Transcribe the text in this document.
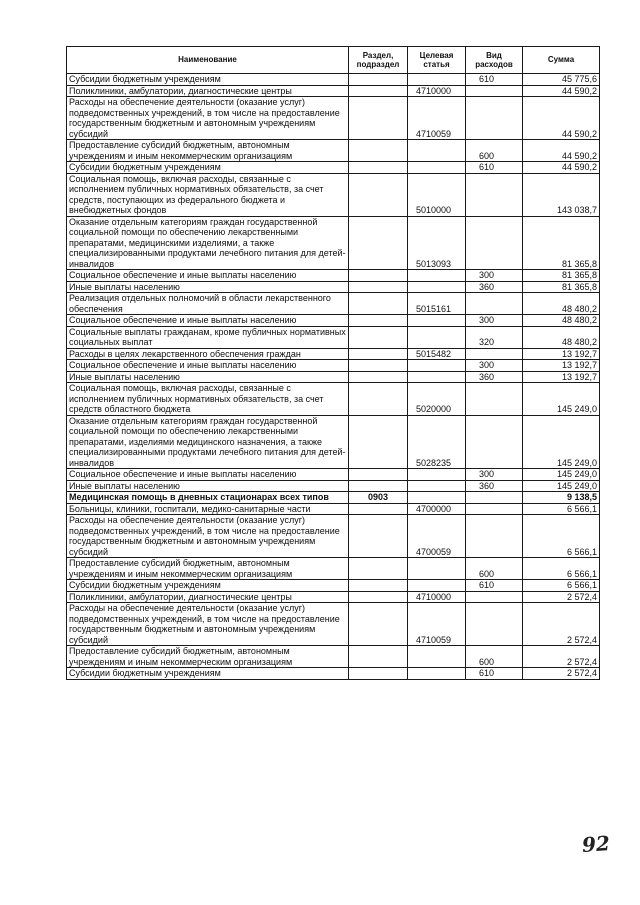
Наименование	Раздел, подраздел	Целевая статья	Вид расходов	Сумма
Субсидии бюджетным учреждениям			610	45 775,6
Поликлиники, амбулатории, диагностические центры		4710000		44 590,2
Расходы на обеспечение деятельности (оказание услуг) подведомственных учреждений, в том числе на предоставление государственным бюджетным и автономным учреждениям субсидий		4710059		44 590,2
Предоставление субсидий бюджетным, автономным учреждениям и иным некоммерческим организациям			600	44 590,2
Субсидии бюджетным учреждениям			610	44 590,2
Социальная помощь, включая расходы, связанные с исполнением публичных нормативных обязательств, за счет средств, поступающих из федерального бюджета и внебюджетных фондов		5010000		143 038,7
Оказание отдельным категориям граждан государственной социальной помощи по обеспечению лекарственными препаратами, медицинскими изделиями, а также специализированными продуктами лечебного питания для детей-инвалидов		5013093		81 365,8
Социальное обеспечение и иные выплаты населению			300	81 365,8
Иные выплаты населению			360	81 365,8
Реализация отдельных полномочий в области лекарственного обеспечения		5015161		48 480,2
Социальное обеспечение и иные выплаты населению			300	48 480,2
Социальные выплаты гражданам, кроме публичных нормативных социальных выплат			320	48 480,2
Расходы в целях лекарственного обеспечения граждан		5015482		13 192,7
Социальное обеспечение и иные выплаты населению			300	13 192,7
Иные выплаты населению			360	13 192,7
Социальная помощь, включая расходы, связанные с исполнением публичных нормативных обязательств, за счет средств областного бюджета		5020000		145 249,0
Оказание отдельным категориям граждан государственной социальной помощи по обеспечению лекарственными препаратами, изделиями медицинского назначения, а также специализированными продуктами лечебного питания для детей-инвалидов		5028235		145 249,0
Социальное обеспечение и иные выплаты населению			300	145 249,0
Иные выплаты населению			360	145 249,0
Медицинская помощь в дневных стационарах всех типов	0903			9 138,5
Больницы, клиники, госпитали, медико-санитарные части		4700000		6 566,1
Расходы на обеспечение деятельности (оказание услуг) подведомственных учреждений, в том числе на предоставление государственным бюджетным и автономным учреждениям субсидий		4700059		6 566,1
Предоставление субсидий бюджетным, автономным учреждениям и иным некоммерческим организациям			600	6 566,1
Субсидии бюджетным учреждениям			610	6 566,1
Поликлиники, амбулатории, диагностические центры		4710000		2 572,4
Расходы на обеспечение деятельности (оказание услуг) подведомственных учреждений, в том числе на предоставление государственным бюджетным и автономным учреждениям субсидий		4710059		2 572,4
Предоставление субсидий бюджетным, автономным учреждениям и иным некоммерческим организациям			600	2 572,4
Субсидии бюджетным учреждениям			610	2 572,4
92
